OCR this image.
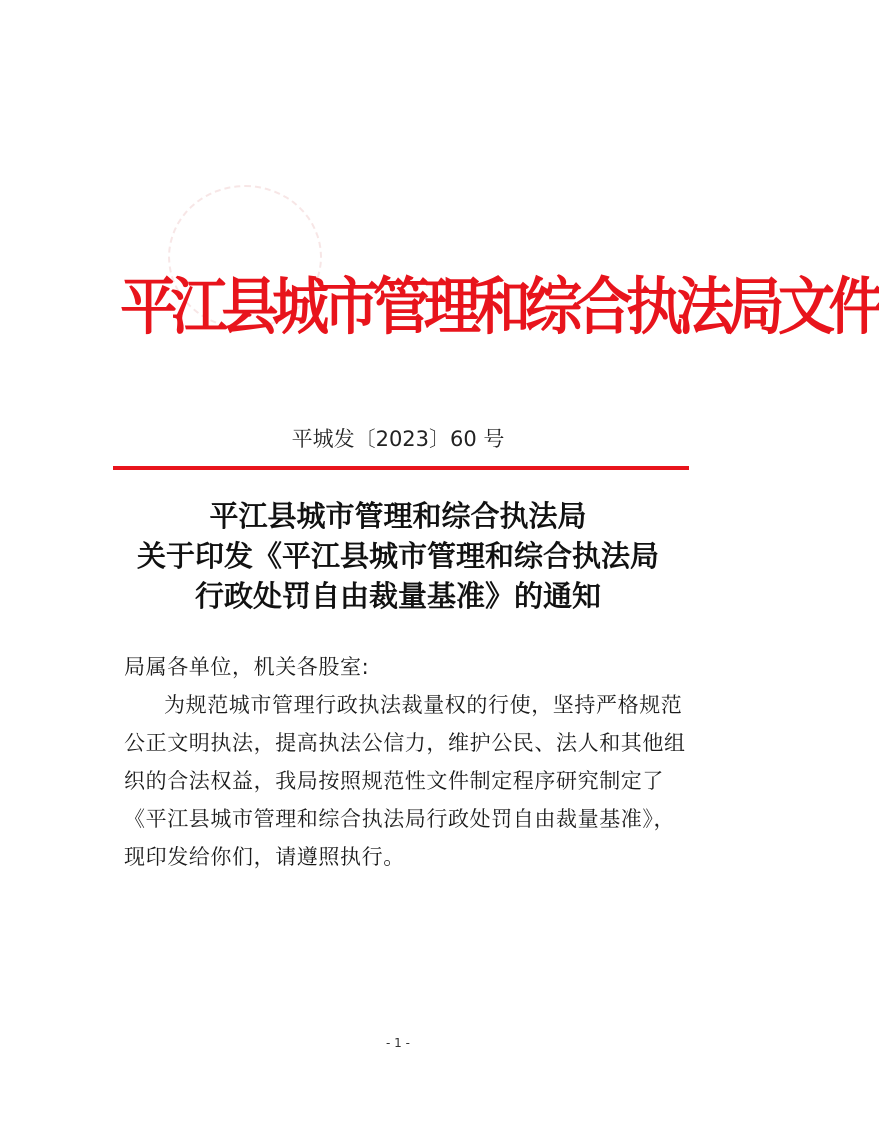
平江县城市管理和综合执法局文件
平城发〔2023〕60 号
平江县城市管理和综合执法局
关于印发《平江县城市管理和综合执法局
行政处罚自由裁量基准》的通知

局属各单位，机关各股室:

为规范城市管理行政执法裁量权的行使，坚持严格规范

公正文明执法，提高执法公信力，维护公民、法人和其他组

织的合法权益，我局按照规范性文件制定程序研究制定了

《平江县城市管理和综合执法局行政处罚自由裁量基准》，

现印发给你们，请遵照执行。

- 1 -
